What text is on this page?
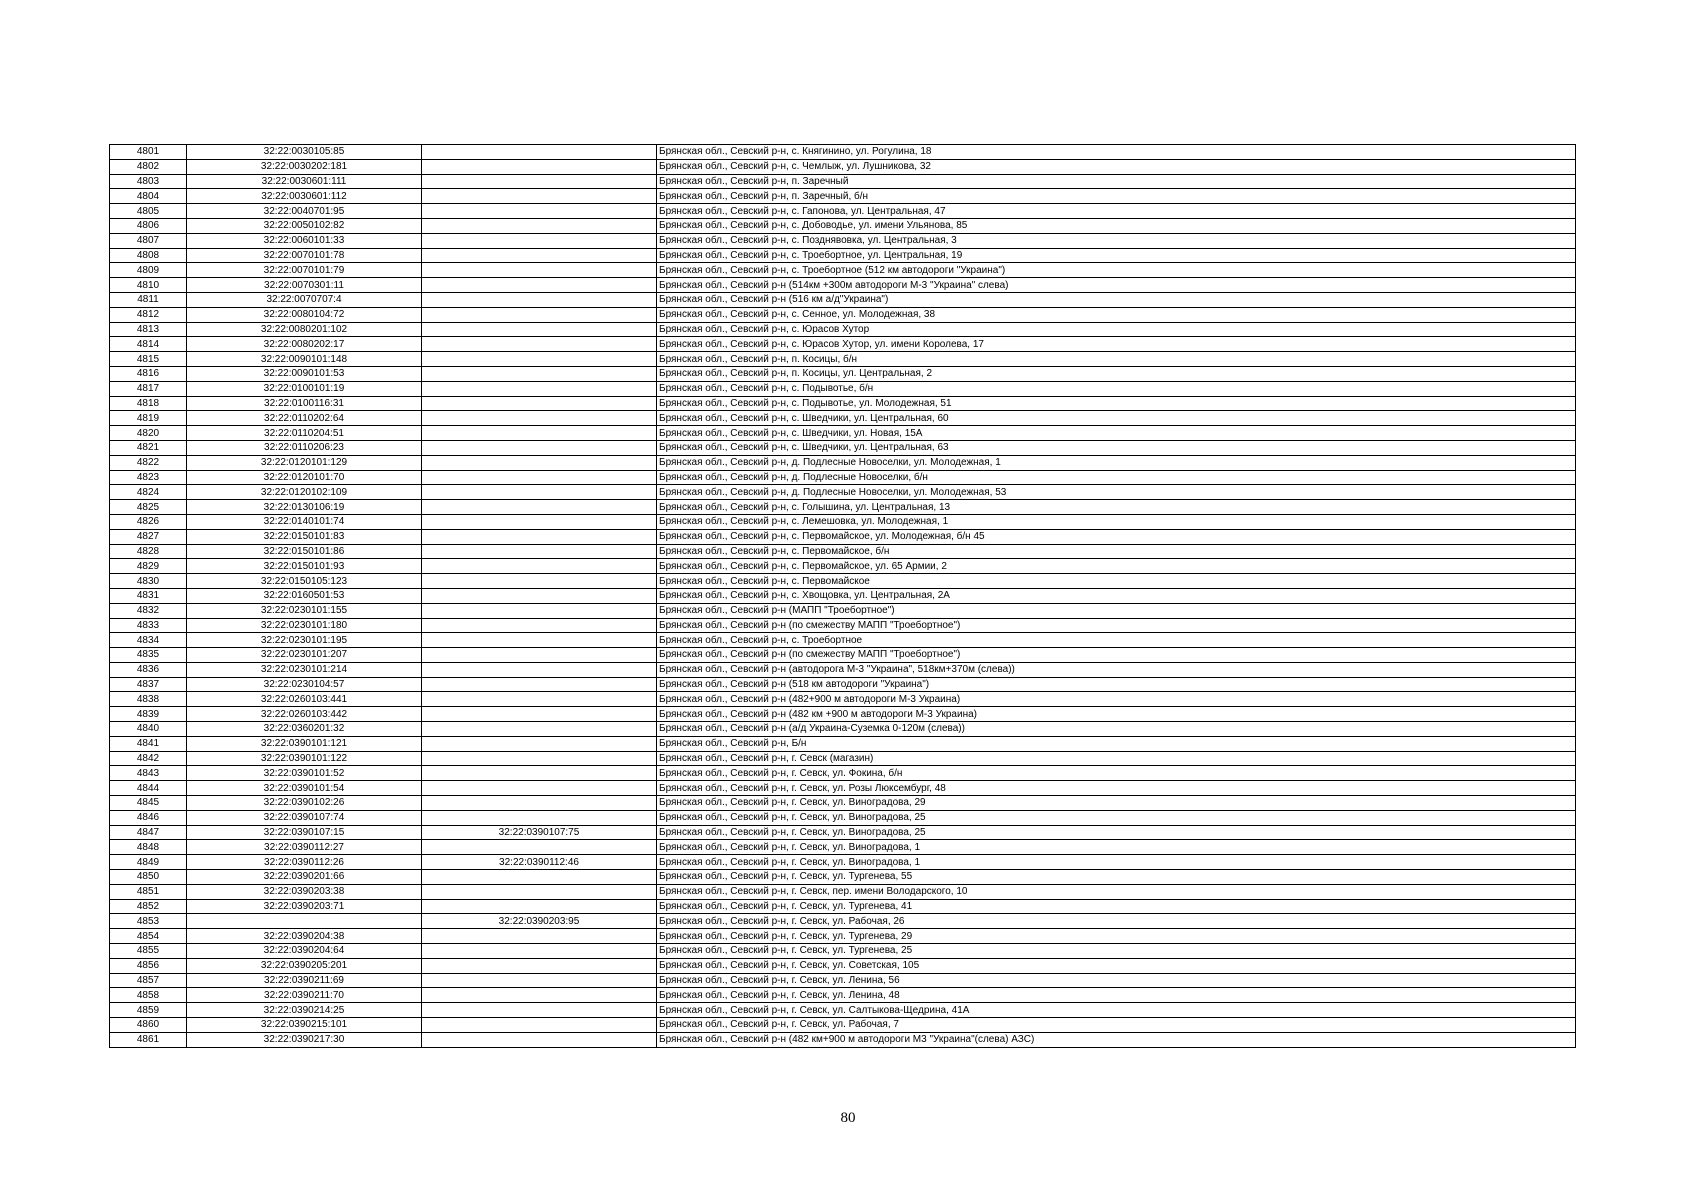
4801	32:22:0030105:85		Брянская обл., Севский р-н, с. Княгинино, ул. Рогулина, 18
4802	32:22:0030202:181		Брянская обл., Севский р-н, с. Чемлыж, ул. Лушникова, 32
4803	32:22:0030601:111		Брянская обл., Севский р-н, п. Заречный
4804	32:22:0030601:112		Брянская обл., Севский р-н, п. Заречный, б/н
4805	32:22:0040701:95		Брянская обл., Севский р-н, с. Гапонова, ул. Центральная, 47
4806	32:22:0050102:82		Брянская обл., Севский р-н, с. Добоводье, ул. имени Ульянова, 85
4807	32:22:0060101:33		Брянская обл., Севский р-н, с. Позднявовка, ул. Центральная, 3
4808	32:22:0070101:78		Брянская обл., Севский р-н, с. Троебортное, ул. Центральная, 19
4809	32:22:0070101:79		Брянская обл., Севский р-н, с. Троебортное (512 км автодороги "Украина")
4810	32:22:0070301:11		Брянская обл., Севский р-н (514км +300м автодороги М-3 "Украина" слева)
4811	32:22:0070707:4		Брянская обл., Севский р-н (516 км а/д"Украина")
4812	32:22:0080104:72		Брянская обл., Севский р-н, с. Сенное, ул. Молодежная, 38
4813	32:22:0080201:102		Брянская обл., Севский р-н, с. Юрасов Хутор
4814	32:22:0080202:17		Брянская обл., Севский р-н, с. Юрасов Хутор, ул. имени Королева, 17
4815	32:22:0090101:148		Брянская обл., Севский р-н, п. Косицы, б/н
4816	32:22:0090101:53		Брянская обл., Севский р-н, п. Косицы, ул. Центральная, 2
4817	32:22:0100101:19		Брянская обл., Севский р-н, с. Подывотье, б/н
4818	32:22:0100116:31		Брянская обл., Севский р-н, с. Подывотье, ул. Молодежная, 51
4819	32:22:0110202:64		Брянская обл., Севский р-н, с. Шведчики, ул. Центральная, 60
4820	32:22:0110204:51		Брянская обл., Севский р-н, с. Шведчики, ул. Новая, 15А
4821	32:22:0110206:23		Брянская обл., Севский р-н, с. Шведчики, ул. Центральная, 63
4822	32:22:0120101:129		Брянская обл., Севский р-н, д. Подлесные Новоселки, ул. Молодежная, 1
4823	32:22:0120101:70		Брянская обл., Севский р-н, д. Подлесные Новоселки, б/н
4824	32:22:0120102:109		Брянская обл., Севский р-н, д. Подлесные Новоселки, ул. Молодежная, 53
4825	32:22:0130106:19		Брянская обл., Севский р-н, с. Голышина, ул. Центральная, 13
4826	32:22:0140101:74		Брянская обл., Севский р-н, с. Лемешовка, ул. Молодежная, 1
4827	32:22:0150101:83		Брянская обл., Севский р-н, с. Первомайское, ул. Молодежная, б/н 45
4828	32:22:0150101:86		Брянская обл., Севский р-н, с. Первомайское, б/н
4829	32:22:0150101:93		Брянская обл., Севский р-н, с. Первомайское, ул. 65 Армии, 2
4830	32:22:0150105:123		Брянская обл., Севский р-н, с. Первомайское
4831	32:22:0160501:53		Брянская обл., Севский р-н, с. Хвощовка, ул. Центральная, 2А
4832	32:22:0230101:155		Брянская обл., Севский р-н (МАПП "Троебортное")
4833	32:22:0230101:180		Брянская обл., Севский р-н (по смежеству МАПП "Троебортное")
4834	32:22:0230101:195		Брянская обл., Севский р-н, с. Троебортное
4835	32:22:0230101:207		Брянская обл., Севский р-н (по смежеству МАПП "Троебортное")
4836	32:22:0230101:214		Брянская обл., Севский р-н (автодорога М-3 "Украина", 518км+370м (слева))
4837	32:22:0230104:57		Брянская обл., Севский р-н (518 км автодороги "Украина")
4838	32:22:0260103:441		Брянская обл., Севский р-н (482+900 м автодороги М-3 Украина)
4839	32:22:0260103:442		Брянская обл., Севский р-н (482 км +900 м автодороги М-3 Украина)
4840	32:22:0360201:32		Брянская обл., Севский р-н (а/д Украина-Суземка 0-120м (слева))
4841	32:22:0390101:121		Брянская обл., Севский р-н, Б/н
4842	32:22:0390101:122		Брянская обл., Севский р-н, г. Севск (магазин)
4843	32:22:0390101:52		Брянская обл., Севский р-н, г. Севск, ул. Фокина, б/н
4844	32:22:0390101:54		Брянская обл., Севский р-н, г. Севск, ул. Розы Люксембург, 48
4845	32:22:0390102:26		Брянская обл., Севский р-н, г. Севск, ул. Виноградова, 29
4846	32:22:0390107:74		Брянская обл., Севский р-н, г. Севск, ул. Виноградова, 25
4847	32:22:0390107:15	32:22:0390107:75	Брянская обл., Севский р-н, г. Севск, ул. Виноградова, 25
4848	32:22:0390112:27		Брянская обл., Севский р-н, г. Севск, ул. Виноградова, 1
4849	32:22:0390112:26	32:22:0390112:46	Брянская обл., Севский р-н, г. Севск, ул. Виноградова, 1
4850	32:22:0390201:66		Брянская обл., Севский р-н, г. Севск, ул. Тургенева, 55
4851	32:22:0390203:38		Брянская обл., Севский р-н, г. Севск, пер. имени Володарского, 10
4852	32:22:0390203:71		Брянская обл., Севский р-н, г. Севск, ул. Тургенева, 41
4853		32:22:0390203:95	Брянская обл., Севский р-н, г. Севск, ул. Рабочая, 26
4854	32:22:0390204:38		Брянская обл., Севский р-н, г. Севск, ул. Тургенева, 29
4855	32:22:0390204:64		Брянская обл., Севский р-н, г. Севск, ул. Тургенева, 25
4856	32:22:0390205:201		Брянская обл., Севский р-н, г. Севск, ул. Советская, 105
4857	32:22:0390211:69		Брянская обл., Севский р-н, г. Севск, ул. Ленина, 56
4858	32:22:0390211:70		Брянская обл., Севский р-н, г. Севск, ул. Ленина, 48
4859	32:22:0390214:25		Брянская обл., Севский р-н, г. Севск, ул. Салтыкова-Щедрина, 41А
4860	32:22:0390215:101		Брянская обл., Севский р-н, г. Севск, ул. Рабочая, 7
4861	32:22:0390217:30		Брянская обл., Севский р-н (482 км+900 м автодороги М3 "Украина"(слева) АЗС)
80
